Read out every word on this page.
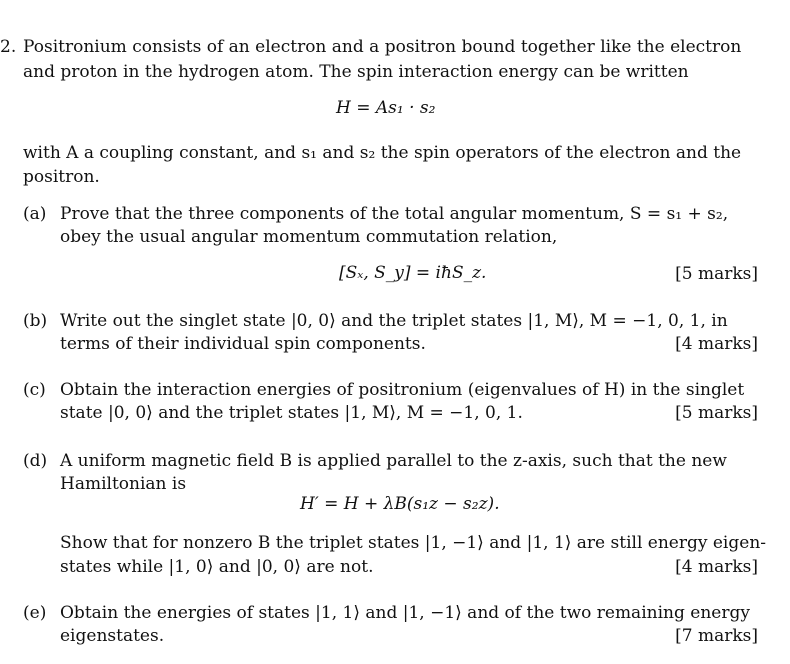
2. Positronium consists of an electron and a positron bound together like the electron
and proton in the hydrogen atom. The spin interaction energy can be written
H = As₁ · s₂
with A a coupling constant, and s₁ and s₂ the spin operators of the electron and the
positron.
(a) Prove that the three components of the total angular momentum, S = s₁ + s₂,
obey the usual angular momentum commutation relation,
[Sₓ, S_y] = iħS_z.	[5 marks]
(b) Write out the singlet state |0, 0⟩ and the triplet states |1, M⟩, M = −1, 0, 1, in
terms of their individual spin components.	[4 marks]
(c) Obtain the interaction energies of positronium (eigenvalues of H) in the singlet
state |0, 0⟩ and the triplet states |1, M⟩, M = −1, 0, 1.	[5 marks]
(d) A uniform magnetic field B is applied parallel to the z-axis, such that the new
Hamiltonian is
H′ = H + λB(s₁z − s₂z).
Show that for nonzero B the triplet states |1, −1⟩ and |1, 1⟩ are still energy eigen-
states while |1, 0⟩ and |0, 0⟩ are not.	[4 marks]
(e) Obtain the energies of states |1, 1⟩ and |1, −1⟩ and of the two remaining energy
eigenstates.	[7 marks]
